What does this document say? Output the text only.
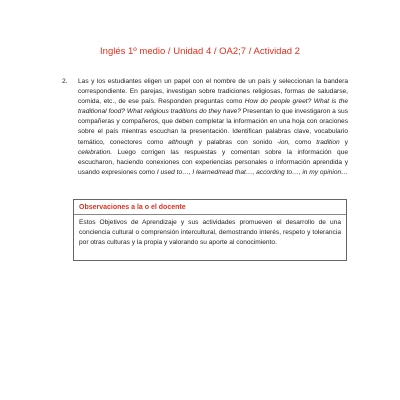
Inglés 1º medio / Unidad 4 / OA2;7 / Actividad 2
2. Las y los estudiantes eligen un papel con el nombre de un país y seleccionan la bandera correspondiente. En parejas, investigan sobre tradiciones religiosas, formas de saludarse, comida, etc., de ese país. Responden preguntas como How do people greet? What is the traditional food? What religious traditions do they have? Presentan lo que investigaron a sus compañeras y compañeros, que deben completar la información en una hoja con oraciones sobre el país mientras escuchan la presentación. Identifican palabras clave, vocabulario temático, conectores como although y palabras con sonido -ion, como tradition y celebration. Luego corrigen las respuestas y comentan sobre la información que escucharon, haciendo conexiones con experiencias personales o información aprendida y usando expresiones como I used to…, I learned/read that…, according to…, in my opinion…
Observaciones a la o el docente
Estos Objetivos de Aprendizaje y sus actividades promueven el desarrollo de una conciencia cultural o comprensión intercultural, demostrando interés, respeto y tolerancia por otras culturas y la propia y valorando su aporte al conocimiento.
